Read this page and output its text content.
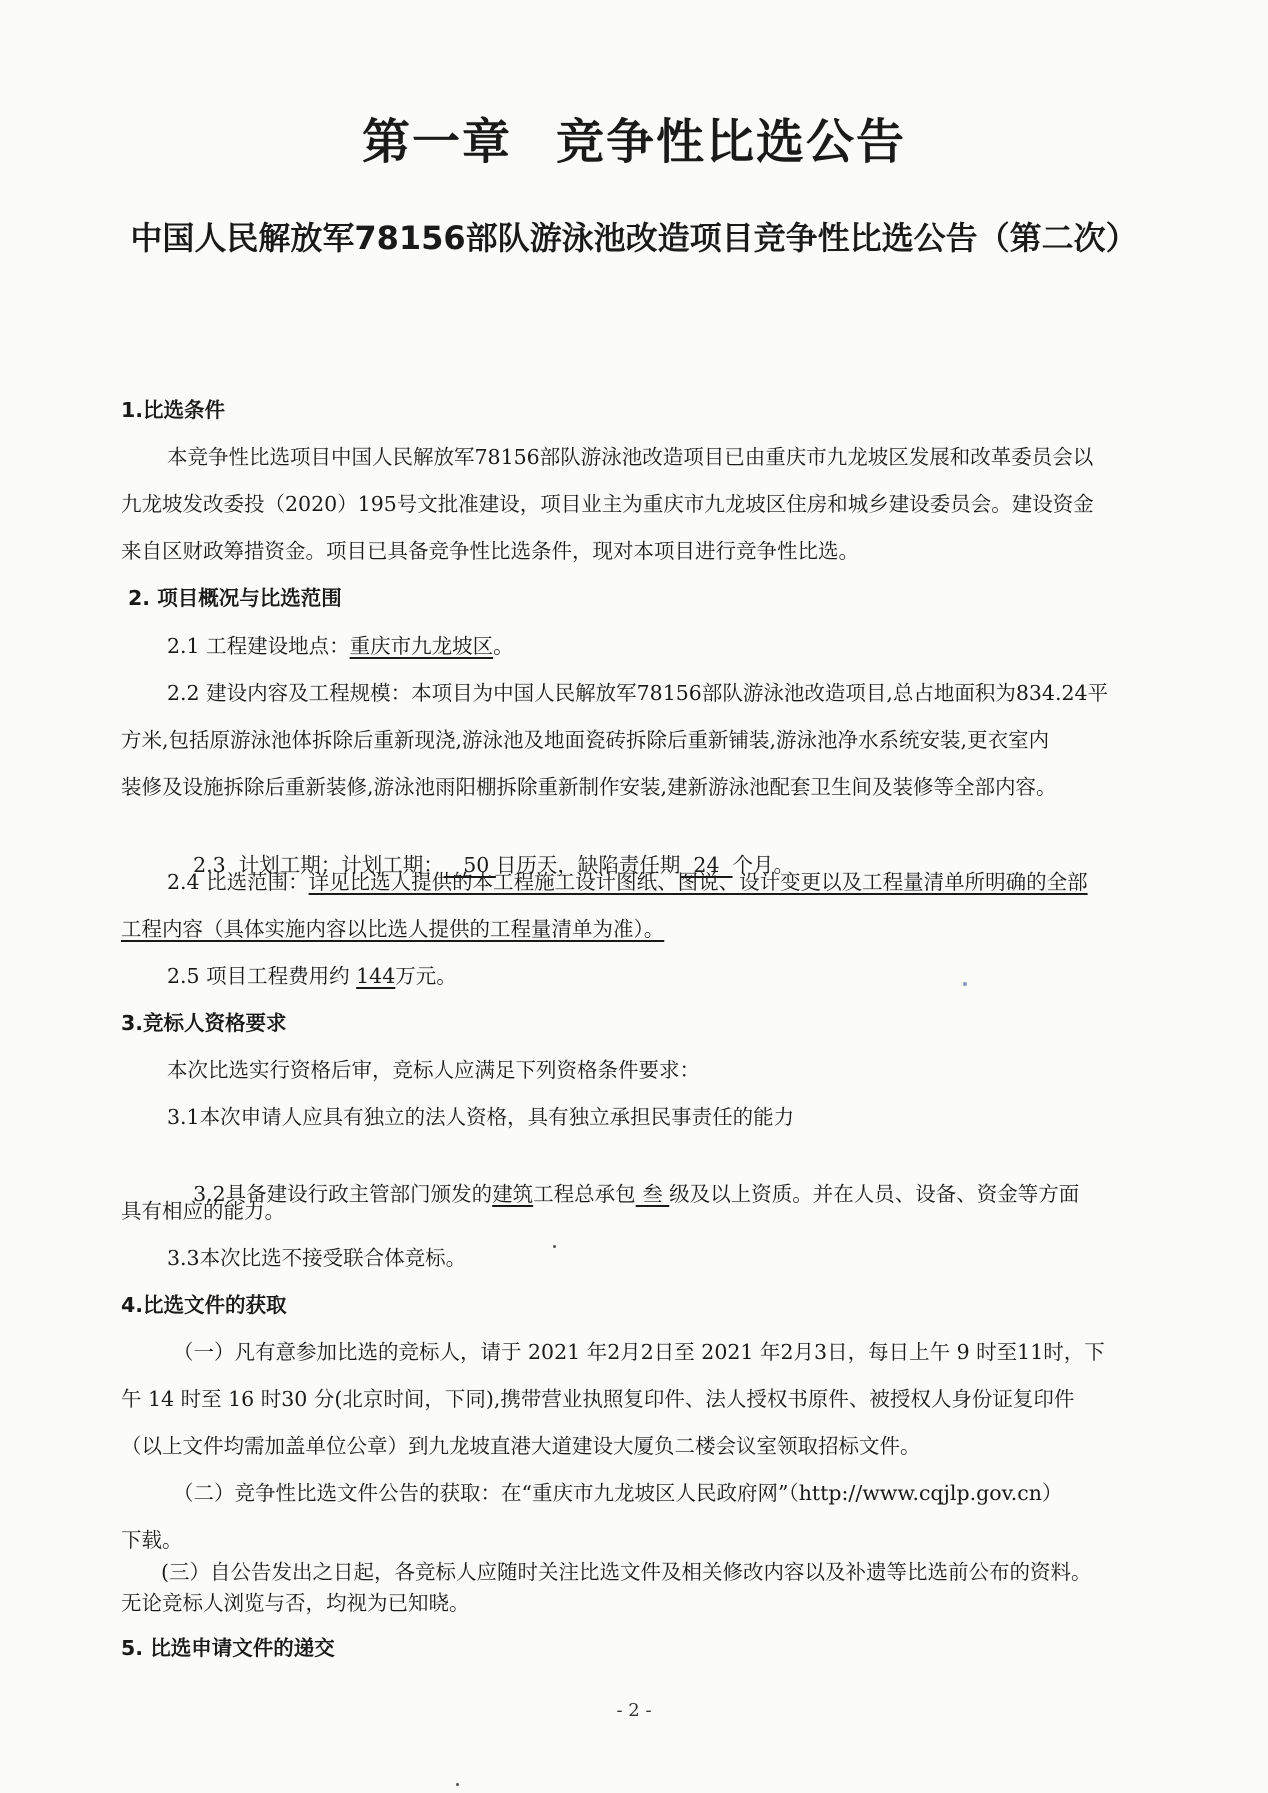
第一章 竞争性比选公告
中国人民解放军78156部队游泳池改造项目竞争性比选公告（第二次）
1.比选条件
本竞争性比选项目中国人民解放军78156部队游泳池改造项目已由重庆市九龙坡区发展和改革委员会以
九龙坡发改委投（2020）195号文批准建设，项目业主为重庆市九龙坡区住房和城乡建设委员会。建设资金
来自区财政筹措资金。项目已具备竞争性比选条件，现对本项目进行竞争性比选。
2. 项目概况与比选范围
2.1 工程建设地点：重庆市九龙坡区。
2.2 建设内容及工程规模：本项目为中国人民解放军78156部队游泳池改造项目,总占地面积为834.24平
方米,包括原游泳池体拆除后重新现浇,游泳池及地面瓷砖拆除后重新铺装,游泳池净水系统安装,更衣室内
装修及设施拆除后重新装修,游泳池雨阳棚拆除重新制作安装,建新游泳池配套卫生间及装修等全部内容。

2.3  计划工期：计划工期：   50 日历天，缺陷责任期  24  个月。

2.4 比选范围：详见比选人提供的本工程施工设计图纸、图说、设计变更以及工程量清单所明确的全部
工程内容（具体实施内容以比选人提供的工程量清单为准）。
2.5 项目工程费用约 144万元。
3.竞标人资格要求
本次比选实行资格后审，竞标人应满足下列资格条件要求：
3.1本次申请人应具有独立的法人资格，具有独立承担民事责任的能力

3.2具备建设行政主管部门颁发的建筑工程总承包 叁 级及以上资质。并在人员、设备、资金等方面

具有相应的能力。
3.3本次比选不接受联合体竞标。
4.比选文件的获取
（一）凡有意参加比选的竞标人，请于 2021 年2月2日至 2021 年2月3日，每日上午 9 时至11时，下
午 14 时至 16 时30 分(北京时间，下同),携带营业执照复印件、法人授权书原件、被授权人身份证复印件
（以上文件均需加盖单位公章）到九龙坡直港大道建设大厦负二楼会议室领取招标文件。
（二）竞争性比选文件公告的获取：在“重庆市九龙坡区人民政府网”（http://www.cqjlp.gov.cn）
下载。
(三）自公告发出之日起，各竞标人应随时关注比选文件及相关修改内容以及补遗等比选前公布的资料。
无论竞标人浏览与否，均视为已知晓。
5. 比选申请文件的递交
- 2 -
